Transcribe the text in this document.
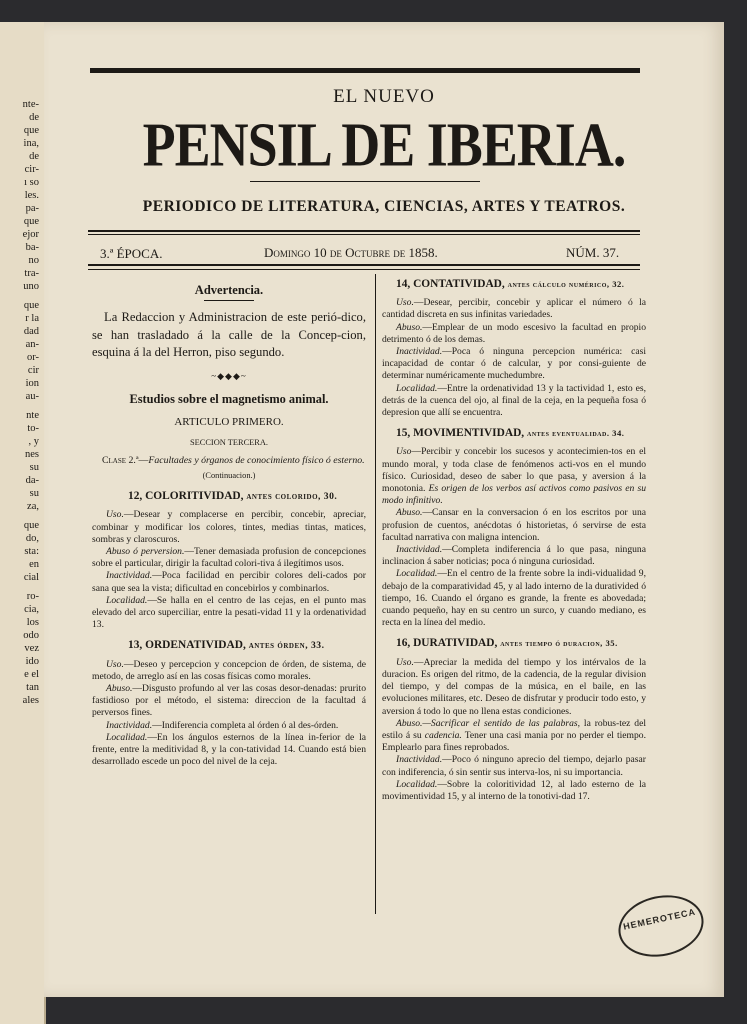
nte-
de
que
ina,
de
cir-
ı so
les.
pa-
que
ejor
ba-
no
tra-
uno
que
r la
dad
an-
or-
cir
ion
au-
nte
to-
, y
nes
su
da-
su
za,
que
do,
sta:
en
cial
ro-
cia,
los
odo
vez
ido
e el
tan
ales
EL NUEVO
PENSIL DE IBERIA.
PERIODICO DE LITERATURA, CIENCIAS, ARTES Y TEATROS.
3.ª ÉPOCA.	Domingo 10 de Octubre de 1858.	NÚM. 37.

Advertencia.

La Redaccion y Administracion de este perió-dico, se han trasladado á la calle de la Concep-cion, esquina á la del Herron, piso segundo.

~◆◆◆~

Estudios sobre el magnetismo animal.

ARTICULO PRIMERO.

SECCION TERCERA.

Clase 2.ª—Facultades y órganos de conocimiento físico ó esterno.

(Continuacion.)

12, COLORITIVIDAD, antes colorido, 30.

Uso.—Desear y complacerse en percibir, concebir, apreciar, combinar y modificar los colores, tintes, medias tintas, matices, sombras y claroscuros.

Abuso ó perversion.—Tener demasiada profusion de concepciones sobre el particular, dirigir la facultad colori-tiva á ilegítimos usos.

Inactividad.—Poca facilidad en percibir colores deli-cados por sana que sea la vista; dificultad en concebirlos y combinarlos.

Localidad.—Se halla en el centro de las cejas, en el punto mas elevado del arco superciliar, entre la pesati-vidad 11 y la ordenatividad 13.

13, ORDENATIVIDAD, antes órden, 33.

Uso.—Deseo y percepcion y concepcion de órden, de sistema, de metodo, de arreglo así en las cosas físicas como morales.

Abuso.—Disgusto profundo al ver las cosas desor-denadas: prurito fastidioso por el método, el sistema: direccion de la facultad á perversos fines.

Inactividad.—Indiferencia completa al órden ó al des-órden.

Localidad.—En los ángulos esternos de la línea in-ferior de la frente, entre la meditividad 8, y la con-tatividad 14. Cuando está bien desarrollado escede un poco del nivel de la ceja.

14, CONTATIVIDAD, antes cálculo numérico, 32.

Uso.—Desear, percibir, concebir y aplicar el número ó la cantidad discreta en sus infinitas variedades.

Abuso.—Emplear de un modo escesivo la facultad en propio detrimento ó de los demas.

Inactividad.—Poca ó ninguna percepcion numérica: casi incapacidad de contar ó de calcular, y por consi-guiente de determinar numéricamente muchedumbre.

Localidad.—Entre la ordenatividad 13 y la tactividad 1, esto es, detrás de la cuenca del ojo, al final de la ceja, en la pequeña fosa ó depresion que allí se encuentra.

15, MOVIMENTIVIDAD, antes eventualidad. 34.

Uso—Percibir y concebir los sucesos y acontecimien-tos en el mundo moral, y toda clase de fenómenos acti-vos en el mundo físico. Curiosidad, deseo de saber lo que pasa, y aversion á la monotonia. Es origen de los verbos así activos como pasivos en su modo infinitivo.

Abuso.—Cansar en la conversacion ó en los escritos por una profusion de cuentos, anécdotas ó historietas, ó servirse de esta facultad narrativa con maligna intencion.

Inactividad.—Completa indiferencia á lo que pasa, ninguna inclinacion á saber noticias; poca ó ninguna curiosidad.

Localidad.—En el centro de la frente sobre la indi-vidualidad 9, debajo de la comparatividad 45, y al lado interno de la durativided ó tiempo, 16. Cuando el órgano es grande, la frente es abovedada; cuando pequeño, hay en su centro un surco, y cuando mediano, es recta en la línea del medio.

16, DURATIVIDAD, antes tiempo ó duracion, 35.

Uso.—Apreciar la medida del tiempo y los intérvalos de la duracion. Es origen del ritmo, de la cadencia, de la regular division del tiempo, y del compas de la música, en el baile, en las evoluciones militares, etc. Deseo de disfrutar y producir todo esto, y aversion á todo lo que no llena estas condiciones.

Abuso.—Sacrificar el sentido de las palabras, la robus-tez del estilo á su cadencia. Tener una casi mania por no perder el tiempo. Emplearlo para fines reprobados.

Inactividad.—Poco ó ninguno aprecio del tiempo, dejarlo pasar con indiferencia, ó sin sentir sus interva-los, ni su importancia.

Localidad.—Sobre la coloritividad 12, al lado esterno de la movimentividad 15, y al interno de la tonotivi-dad 17.

HEMEROTECA
